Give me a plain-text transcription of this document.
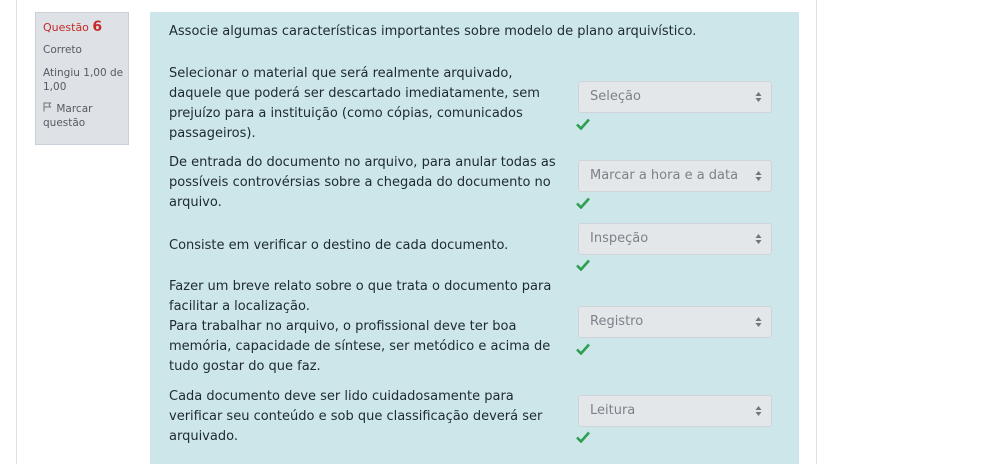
Questão 6
Correto
Atingiu 1,00 de 1,00
Marcar questão
Associe algumas características importantes sobre modelo de plano arquivístico.
Selecionar o material que será realmente arquivado,
daquele que poderá ser descartado imediatamente, sem
prejuízo para a instituição (como cópias, comunicados
passageiros).
Seleção
De entrada do documento no arquivo, para anular todas as
possíveis controvérsias sobre a chegada do documento no
arquivo.
Marcar a hora e a data
Consiste em verificar o destino de cada documento.	Inspeção
Fazer um breve relato sobre o que trata o documento para
facilitar a localização.
Para trabalhar no arquivo, o profissional deve ter boa
memória, capacidade de síntese, ser metódico e acima de
tudo gostar do que faz.
Registro
Cada documento deve ser lido cuidadosamente para
verificar seu conteúdo e sob que classificação deverá ser
arquivado.
Leitura
